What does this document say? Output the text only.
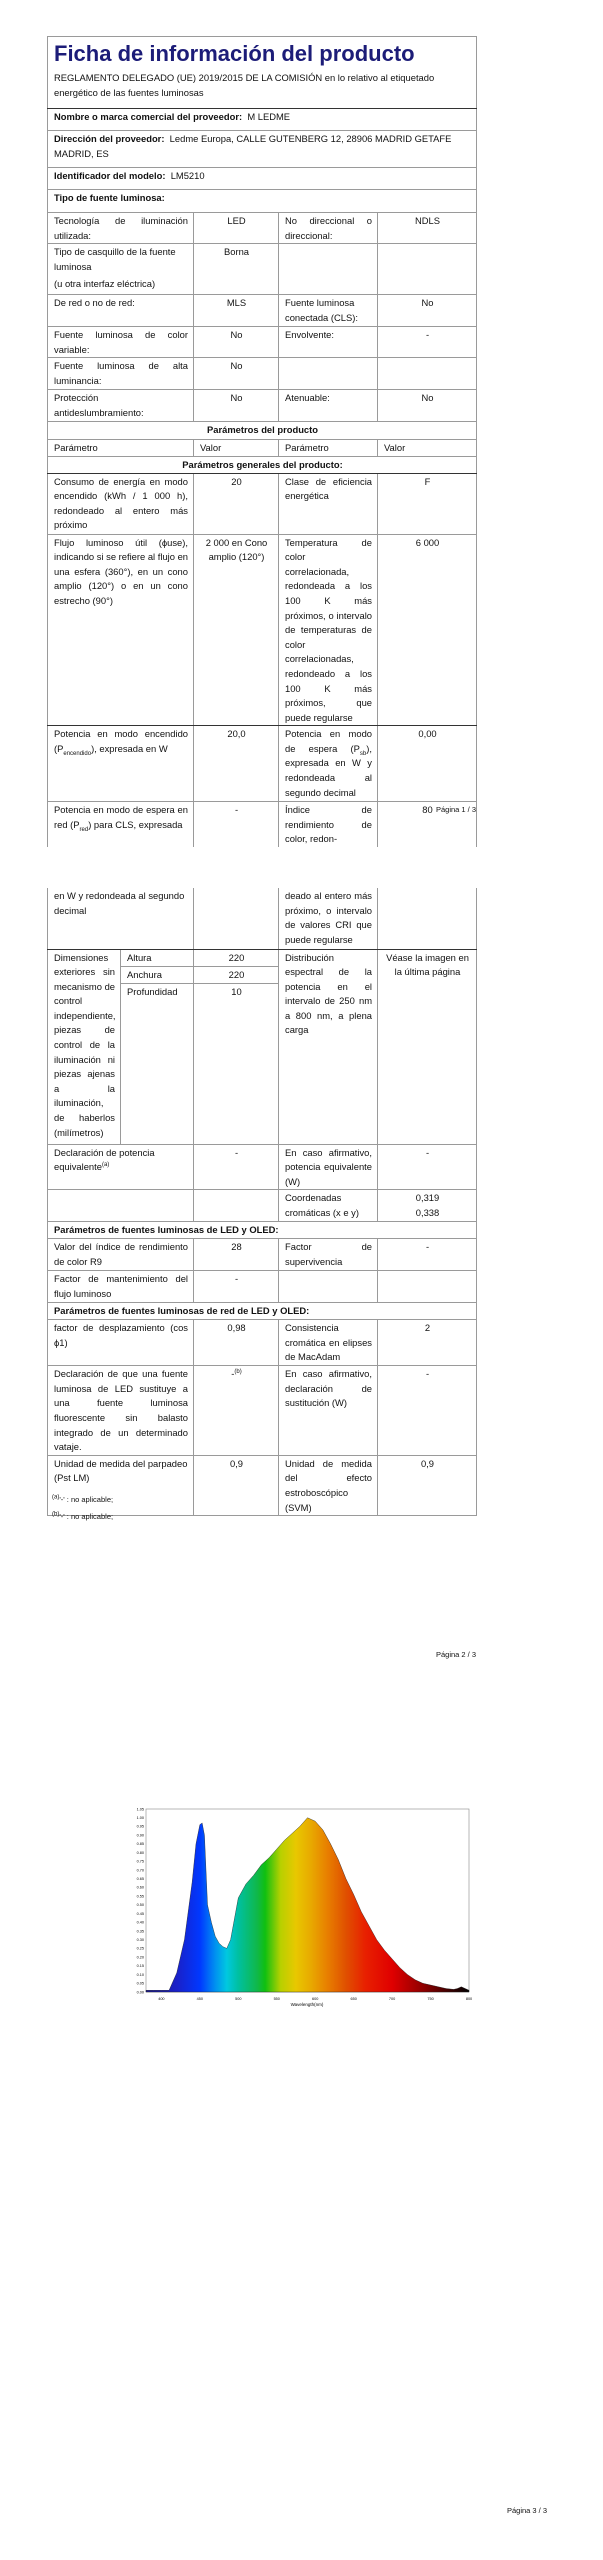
Ficha de información del producto
REGLAMENTO DELEGADO (UE) 2019/2015 DE LA COMISIÓN en lo relativo al etiquetado energético de las fuentes luminosas			

Nombre o marca comercial del proveedor: M LEDME			
Dirección del proveedor: Ledme Europa, CALLE GUTENBERG 12, 28906 MADRID GETAFE MADRID, ES			
Identificador del modelo: LM5210			
Tipo de fuente luminosa:			
Tecnología de iluminación utilizada:	LED	No direccional o direccional:	NDLS
Tipo de casquillo de la fuente luminosa
(u otra interfaz eléctrica)	Borna		
De red o no de red:	MLS	Fuente luminosa conectada (CLS):	No
Fuente luminosa de color variable:	No	Envolvente:	-
Fuente luminosa de alta luminancia:	No		
Protección antideslumbramiento:	No	Atenuable:	No
Parámetros del producto			
Parámetro	Valor	Parámetro	Valor
Parámetros generales del producto:			
Consumo de energía en modo encendido (kWh / 1 000 h), redondeado al entero más próximo	20	Clase de eficiencia energética	F
Flujo luminoso útil (ϕuse), indicando si se refiere al flujo en una esfera (360°), en un cono amplio (120°) o en un cono estrecho (90°)	2 000 en Cono amplio (120°)	Temperatura de color correlacionada, redondeada a los 100 K más próximos, o intervalo de temperaturas de color correlacionadas, redondeado a los 100 K más próximos, que puede regularse	6 000
Potencia en modo encendido $(P_{encendido})$, expresada en W	20,0	Potencia en modo de espera $(P_{sb})$, expresada en W y redondeada al segundo decimal	0,00
Potencia en modo de espera en red $(P_{red})$ para CLS, expresada	-	Índice de rendimiento de color, redon-	80 Página 1 / 3
en W y redondeada al segundo decimal			deado al entero más próximo, o intervalo de valores CRI que puede regularse	
Dimensiones exteriores sin mecanismo de control independiente, piezas de control de la iluminación ni piezas ajenas a la iluminación, de haberlos (milímetros)	Altura	220	Distribución espectral de la potencia en el intervalo de 250 nm a 800 nm, a plena carga	Véase la imagen en la última página
	Anchura	220		
	Profundidad	10		
Declaración de potencia equivalente$^{(a)}$		-	En caso afirmativo, potencia equivalente (W)	-
			Coordenadas cromáticas (x e y)	0,319
0,338

Parámetros de fuentes luminosas de LED y OLED:				
Valor del índice de rendimiento de color R9		28	Factor de supervivencia	-
Factor de mantenimiento del flujo luminoso		-		
Parámetros de fuentes luminosas de red de LED y OLED:				
factor de desplazamiento (cos ϕ1)		0,98	Consistencia cromática en elipses de MacAdam	2
Declaración de que una fuente luminosa de LED sustituye a una fuente luminosa fluorescente sin balasto integrado de un determinado vataje.		-$^{(b)}$	En caso afirmativo, declaración de sustitución (W)	-
Unidad de medida del parpadeo (Pst LM)		0,9	Unidad de medida del efecto estroboscópico (SVM)	0,9
$^{(a)}$'-' : no aplicable;
$^{(b)}$'-' : no aplicable;
Página 2 / 3
0.00
0.05
0.10
0.15
0.20
0.25
0.30
0.35
0.40
0.45
0.50
0.55
0.60
0.65
0.70
0.75
0.80
0.85
0.90
0.95
1.00
1.05
400	450	500	550	600	650	700	750	800
Wavelength(nm)
Página 3 / 3
